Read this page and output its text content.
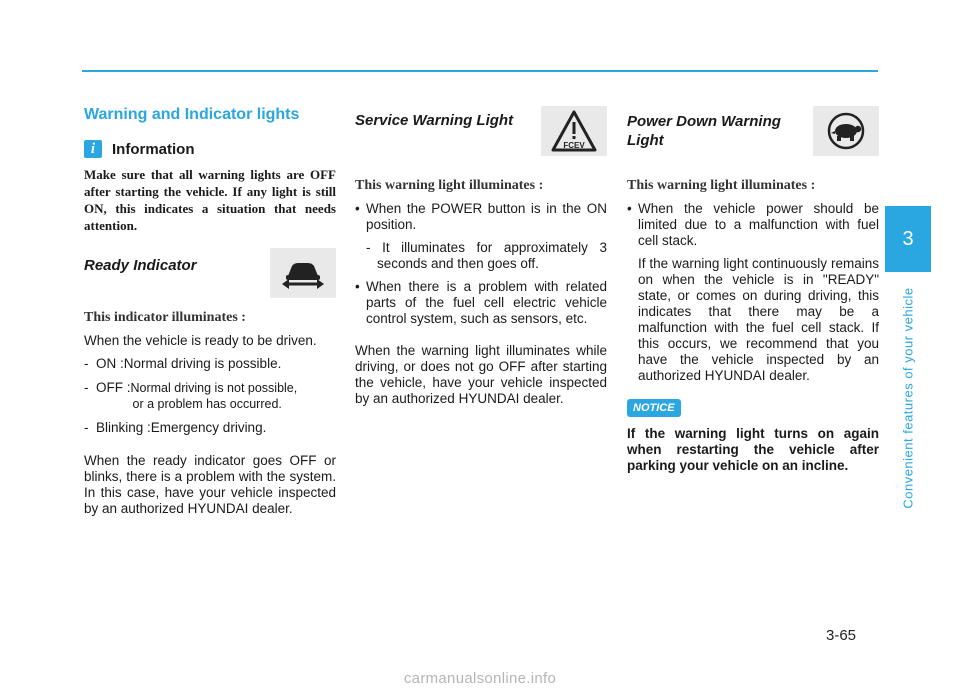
Warning and Indicator lights
i	Information
Make sure that all warning lights are OFF after starting the vehicle. If any light is still ON, this indicates a situation that needs attention.
Ready Indicator
This indicator illuminates :
When the vehicle is ready to be driven.
- ON : Normal driving is possible.
- OFF : Normal driving is not possible,
or a problem has occurred.
- Blinking : Emergency driving.
When the ready indicator goes OFF or blinks, there is a problem with the system. In this case, have your vehicle inspected by an authorized HYUNDAI dealer.
Service Warning Light
FCEV
This warning light illuminates :
• When the POWER button is in the ON position.
- It illuminates for approximately 3 seconds and then goes off.
• When there is a problem with related parts of the fuel cell electric vehicle control system, such as sensors, etc.
When the warning light illuminates while driving, or does not go OFF after starting the vehicle, have your vehicle inspected by an authorized HYUNDAI dealer.
Power Down Warning
Light
This warning light illuminates :
• When the vehicle power should be limited due to a malfunction with fuel cell stack.
If the warning light continuously remains on when the vehicle is in "READY" state, or comes on during driving, this indicates that there may be a malfunction with the fuel cell stack. If this occurs, we recommend that you have the vehicle inspected by an authorized HYUNDAI dealer.
NOTICE
If the warning light turns on again when restarting the vehicle after parking your vehicle on an incline.
3
Convenient features of your vehicle
3-65
carmanualsonline.info
